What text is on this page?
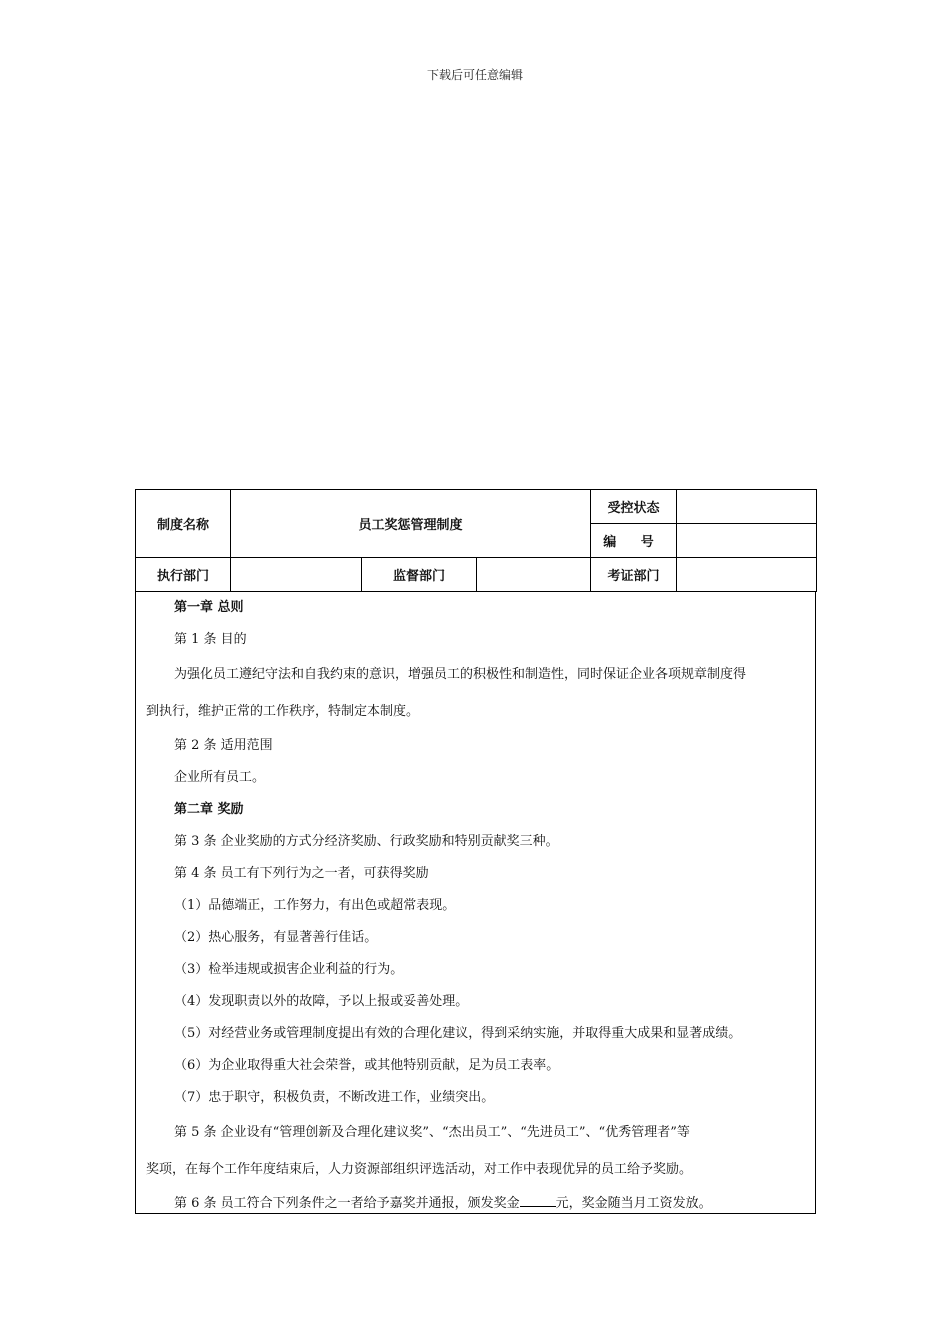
下载后可任意编辑
制度名称	员工奖惩管理制度			受控状态	
				编 号	
执行部门		监督部门		考证部门	

第一章 总则

第 1 条 目的

为强化员工遵纪守法和自我约束的意识，增强员工的积极性和制造性，同时保证企业各项规章制度得
到执行，维护正常的工作秩序，特制定本制度。

第 2 条 适用范围

企业所有员工。

第二章 奖励

第 3 条 企业奖励的方式分经济奖励、行政奖励和特别贡献奖三种。

第 4 条 员工有下列行为之一者，可获得奖励

（1）品德端正，工作努力，有出色或超常表现。

（2）热心服务，有显著善行佳话。

（3）检举违规或损害企业利益的行为。

（4）发现职责以外的故障，予以上报或妥善处理。

（5）对经营业务或管理制度提出有效的合理化建议，得到采纳实施，并取得重大成果和显著成绩。

（6）为企业取得重大社会荣誉，或其他特别贡献，足为员工表率。

（7）忠于职守，积极负责，不断改进工作，业绩突出。

第 5 条 企业设有“管理创新及合理化建议奖”、“杰出员工”、“先进员工”、“优秀管理者”等
奖项，在每个工作年度结束后，人力资源部组织评选活动，对工作中表现优异的员工给予奖励。

第 6 条 员工符合下列条件之一者给予嘉奖并通报，颁发奖金	元，奖金随当月工资发放。
